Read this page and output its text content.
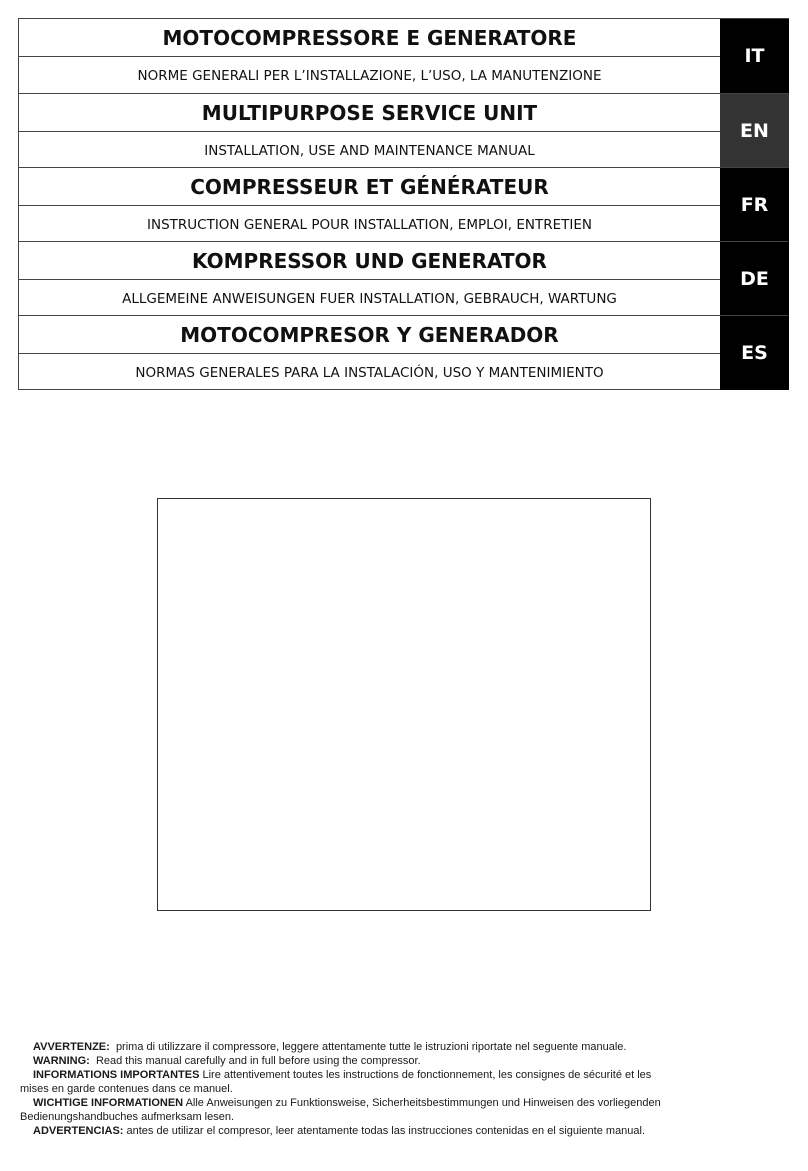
MOTOCOMPRESSORE E GENERATORE
NORME GENERALI PER L’INSTALLAZIONE, L’USO, LA MANUTENZIONE
IT
MULTIPURPOSE SERVICE UNIT
INSTALLATION, USE AND MAINTENANCE MANUAL
EN
COMPRESSEUR ET GÉNÉRATEUR
INSTRUCTION GENERAL POUR INSTALLATION, EMPLOI, ENTRETIEN
FR
KOMPRESSOR UND GENERATOR
ALLGEMEINE ANWEISUNGEN FUER INSTALLATION, GEBRAUCH, WARTUNG
DE
MOTOCOMPRESOR Y GENERADOR
NORMAS GENERALES PARA LA INSTALACIÓN, USO Y MANTENIMIENTO
ES

AVVERTENZE: prima di utilizzare il compressore, leggere attentamente tutte le istruzioni riportate nel seguente manuale.

WARNING: Read this manual carefully and in full before using the compressor.

INFORMATIONS IMPORTANTES Lire attentivement toutes les instructions de fonctionnement, les consignes de sécurité et les mises en garde contenues dans ce manuel.

WICHTIGE INFORMATIONEN Alle Anweisungen zu Funktionsweise, Sicherheitsbestimmungen und Hinweisen des vorliegenden Bedienungshandbuches aufmerksam lesen.

ADVERTENCIAS: antes de utilizar el compresor, leer atentamente todas las instrucciones contenidas en el siguiente manual.
